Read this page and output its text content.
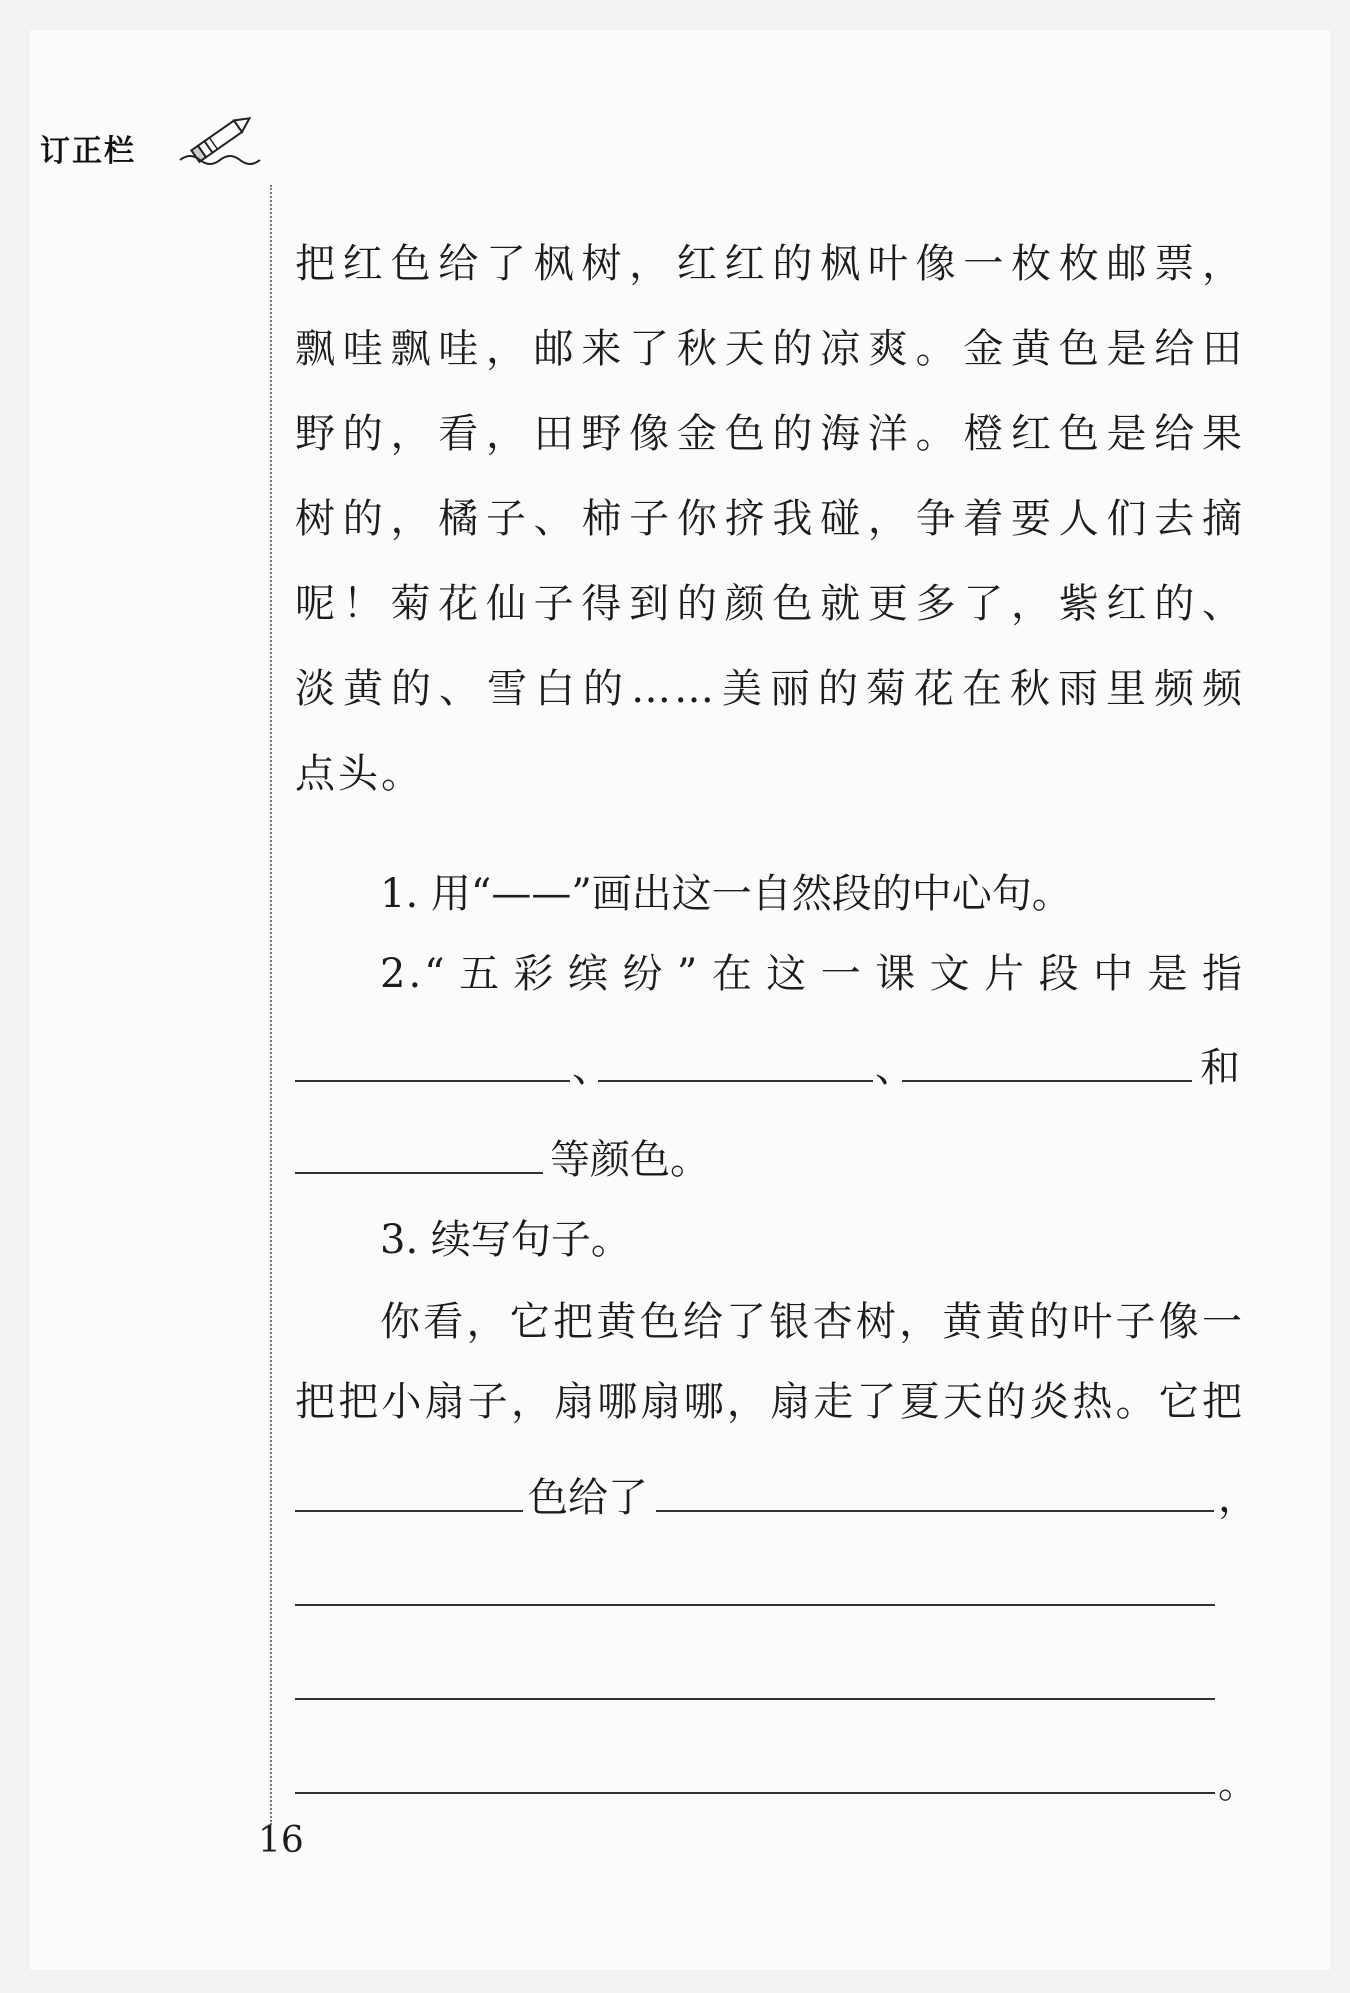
订正栏
把红色给了枫树，红红的枫叶像一枚枚邮票，
飘哇飘哇，邮来了秋天的凉爽。金黄色是给田
野的，看，田野像金色的海洋。橙红色是给果
树的，橘子、柿子你挤我碰，争着要人们去摘
呢！菊花仙子得到的颜色就更多了，紫红的、
淡黄的、雪白的……美丽的菊花在秋雨里频频
点头。
1. 用“——”画出这一自然段的中心句。
2.“五彩缤纷”在这一课文片段中是指
、	、	和
等颜色。
3. 续写句子。
你看，它把黄色给了银杏树，黄黄的叶子像一
把把小扇子，扇哪扇哪，扇走了夏天的炎热。它把
色给了	，
。
16
